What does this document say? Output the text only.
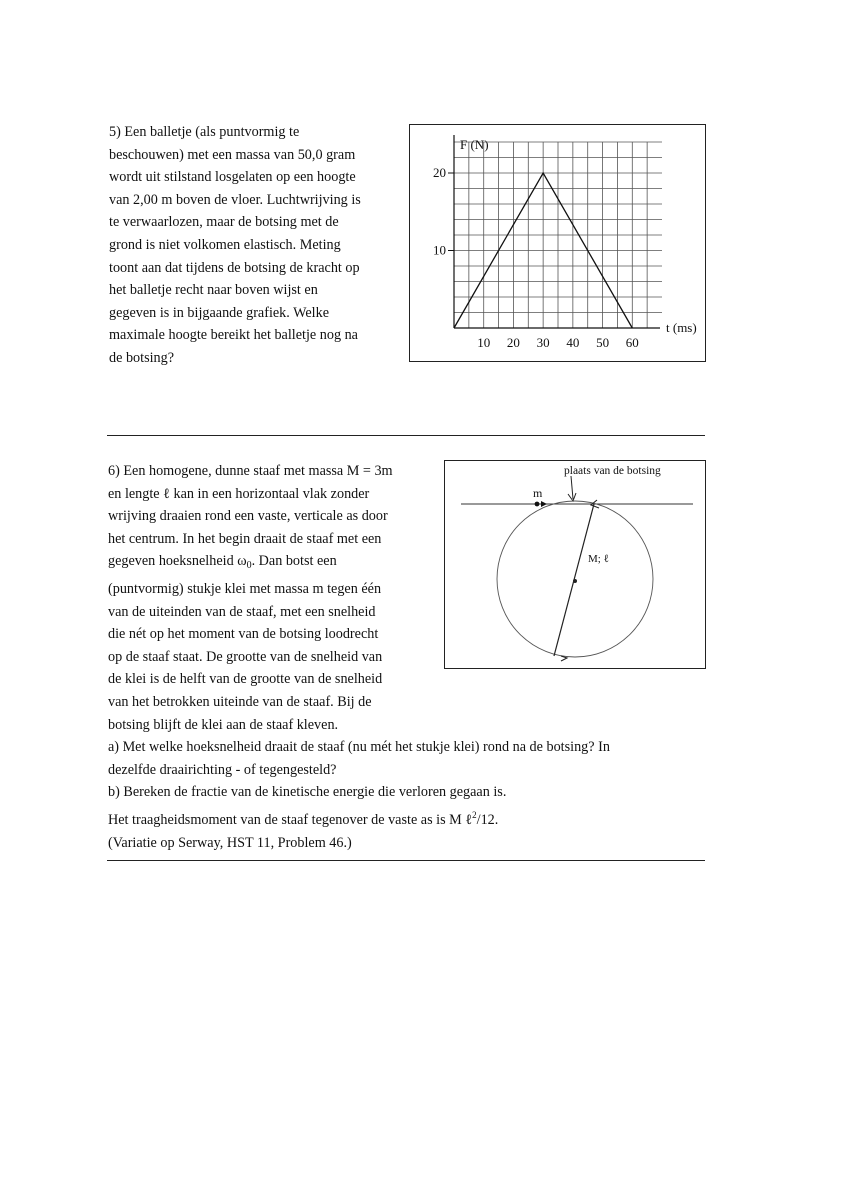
5) Een balletje (als puntvormig te
beschouwen) met een massa van 50,0 gram
wordt uit stilstand losgelaten op een hoogte
van 2,00 m boven de vloer. Luchtwrijving is
te verwaarlozen, maar de botsing met de
grond is niet volkomen elastisch. Meting
toont aan dat tijdens de botsing de kracht op
het balletje recht naar boven wijst en
gegeven is in bijgaande grafiek. Welke
maximale hoogte bereikt het balletje nog na
de botsing?
F (N)
t (ms)
10 20 30 40 50 60
10
20
6) Een homogene, dunne staaf met massa M = 3m
en lengte ℓ kan in een horizontaal vlak zonder
wrijving draaien rond een vaste, verticale as door
het centrum. In het begin draait de staaf met een
gegeven hoeksnelheid $\omega_0$. Dan botst een
(puntvormig) stukje klei met massa m tegen één
van de uiteinden van de staaf, met een snelheid
die nét op het moment van de botsing loodrecht
op de staaf staat. De grootte van de snelheid van
de klei is de helft van de grootte van de snelheid
van het betrokken uiteinde van de staaf. Bij de
botsing blijft de klei aan de staaf kleven.
a) Met welke hoeksnelheid draait de staaf (nu mét het stukje klei) rond na de botsing? In
dezelfde draairichting - of tegengesteld?
b) Bereken de fractie van de kinetische energie die verloren gegaan is.
Het traagheidsmoment van de staaf tegenover de vaste as is M ℓ$^2$/12.
(Variatie op Serway, HST 11, Problem 46.)
plaats van de botsing
m
M; ℓ
